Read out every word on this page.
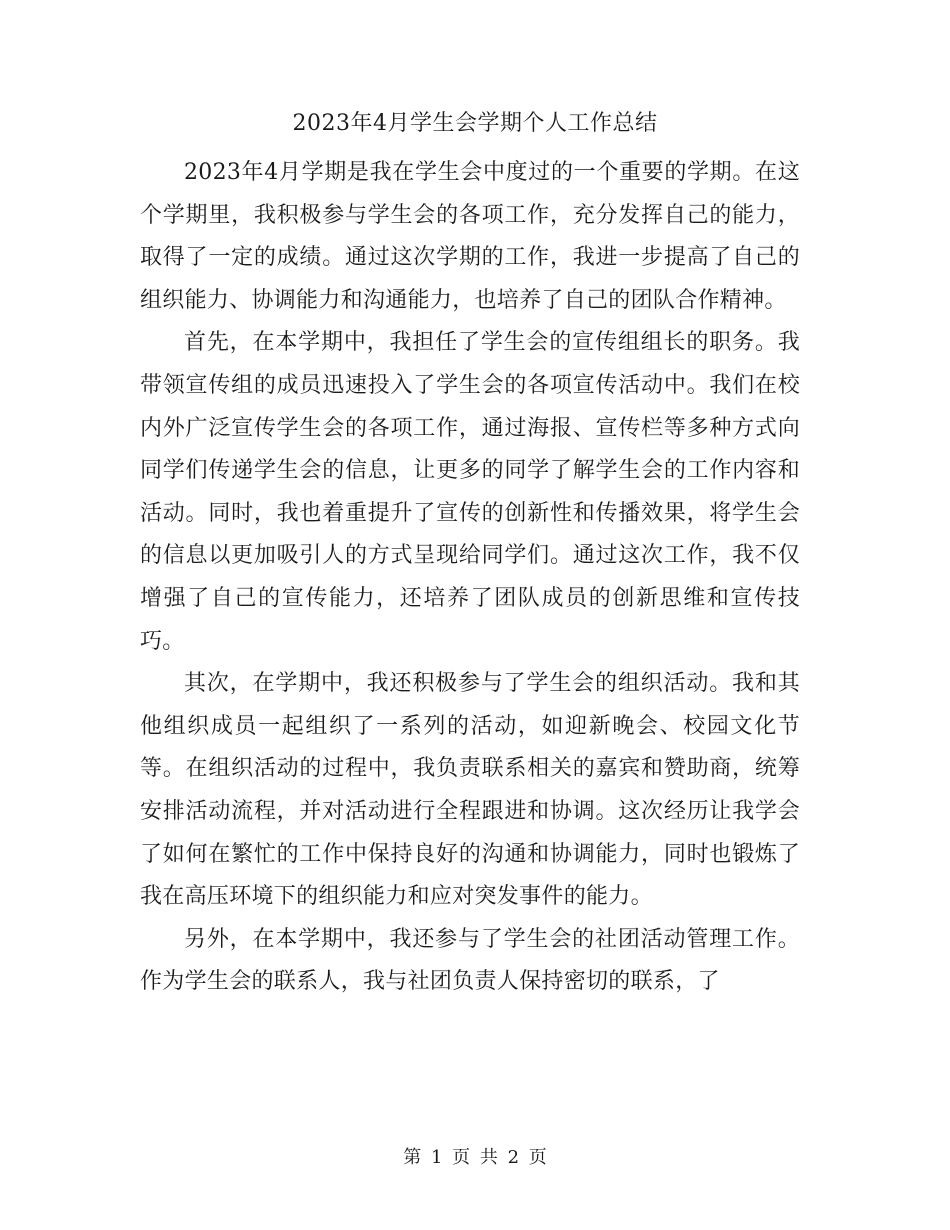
2023年4月学生会学期个人工作总结

2023年4月学期是我在学生会中度过的一个重要的学期。在这个学期里，我积极参与学生会的各项工作，充分发挥自己的能力，取得了一定的成绩。通过这次学期的工作，我进一步提高了自己的组织能力、协调能力和沟通能力，也培养了自己的团队合作精神。

首先，在本学期中，我担任了学生会的宣传组组长的职务。我带领宣传组的成员迅速投入了学生会的各项宣传活动中。我们在校内外广泛宣传学生会的各项工作，通过海报、宣传栏等多种方式向同学们传递学生会的信息，让更多的同学了解学生会的工作内容和活动。同时，我也着重提升了宣传的创新性和传播效果，将学生会的信息以更加吸引人的方式呈现给同学们。通过这次工作，我不仅增强了自己的宣传能力，还培养了团队成员的创新思维和宣传技巧。

其次，在学期中，我还积极参与了学生会的组织活动。我和其他组织成员一起组织了一系列的活动，如迎新晚会、校园文化节等。在组织活动的过程中，我负责联系相关的嘉宾和赞助商，统筹安排活动流程，并对活动进行全程跟进和协调。这次经历让我学会了如何在繁忙的工作中保持良好的沟通和协调能力，同时也锻炼了我在高压环境下的组织能力和应对突发事件的能力。

另外，在本学期中，我还参与了学生会的社团活动管理工作。作为学生会的联系人，我与社团负责人保持密切的联系，了

第 1 页 共 2 页
